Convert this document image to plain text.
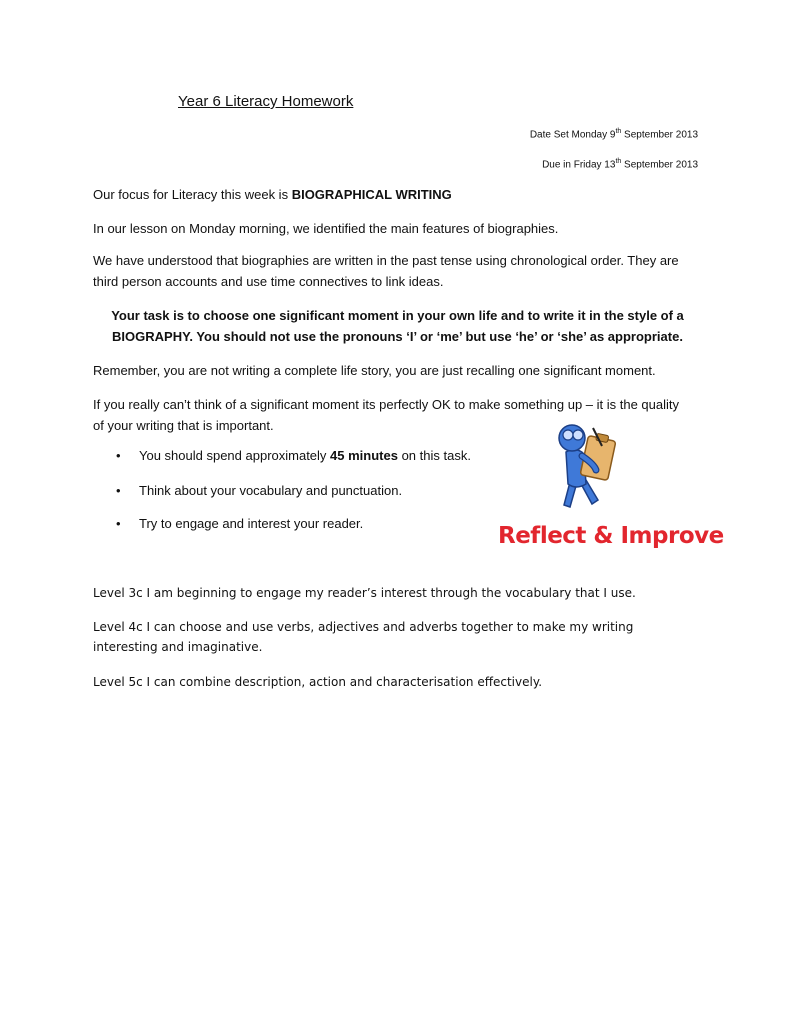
Year 6 Literacy Homework
Date Set Monday 9th September 2013
Due in Friday 13th September 2013

Our focus for Literacy this week is BIOGRAPHICAL WRITING

In our lesson on Monday morning, we identified the main features of biographies.

We have understood that biographies are written in the past tense using chronological order. They are third person accounts and use time connectives to link ideas.

Your task is to choose one significant moment in your own life and to write it in the style of a BIOGRAPHY. You should not use the pronouns ‘I’ or ‘me’ but use ‘he’ or ‘she’ as appropriate.

Remember, you are not writing a complete life story, you are just recalling one significant moment.

If you really can’t think of a significant moment its perfectly OK to make something up – it is the quality of your writing that is important.

• You should spend approximately 45 minutes on this task.
• Think about your vocabulary and punctuation.
• Try to engage and interest your reader.	Reflect & Improve
Level 3c I am beginning to engage my reader’s interest through the vocabulary that I use.
Level 4c I can choose and use verbs, adjectives and adverbs together to make my writing interesting and imaginative.
Level 5c I can combine description, action and characterisation effectively.
